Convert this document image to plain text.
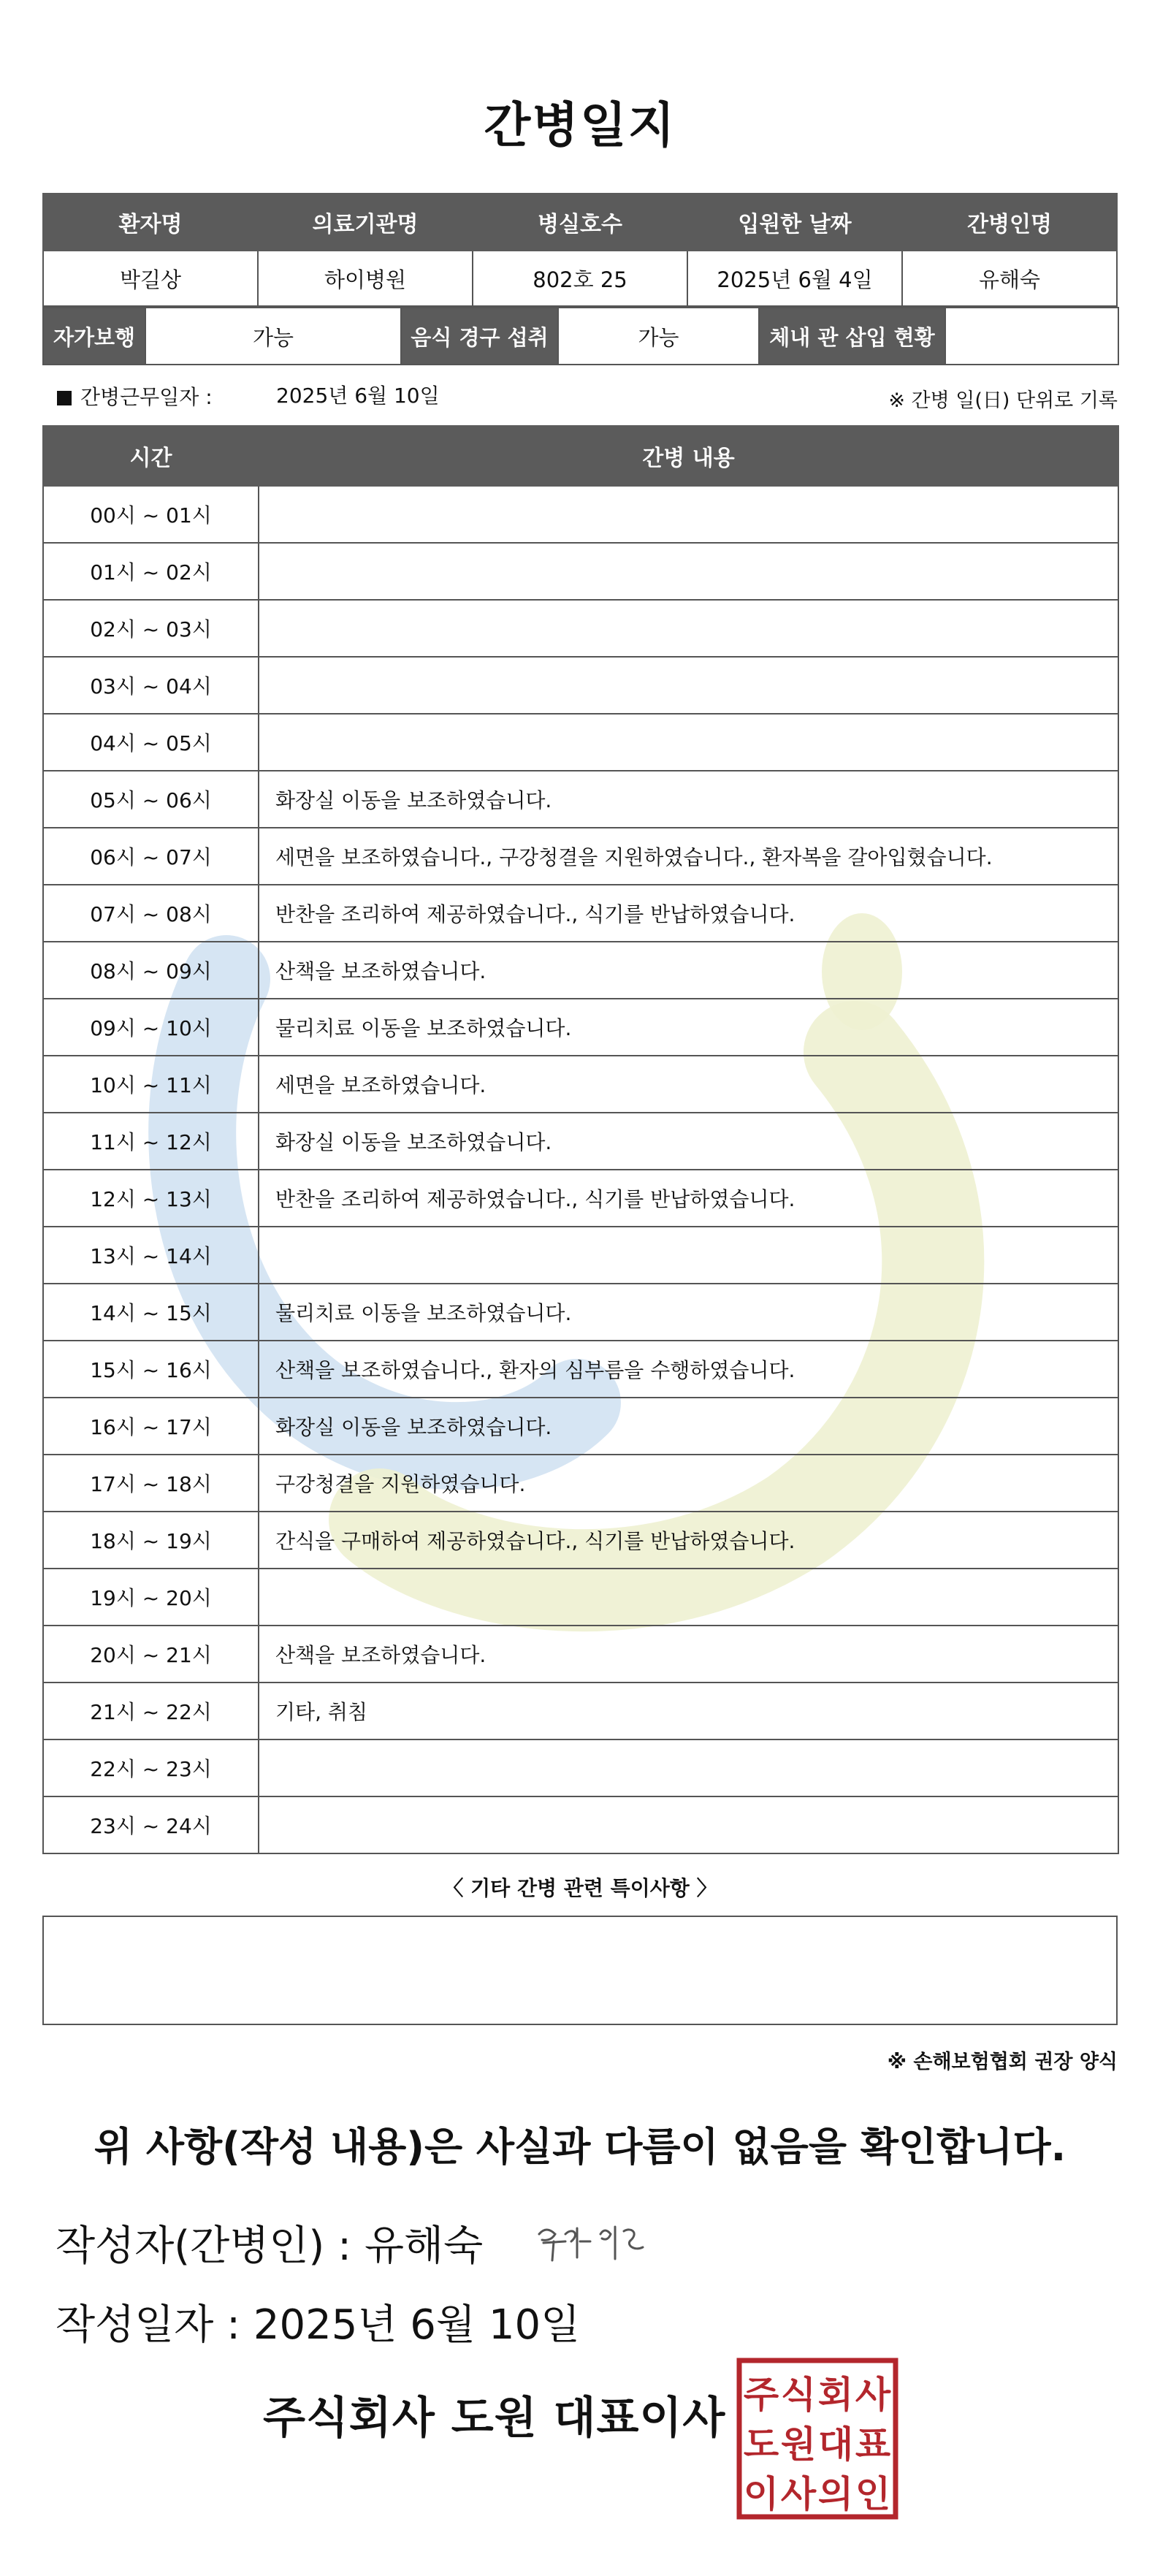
간병일지
환자명	의료기관명	병실호수	입원한 날짜	간병인명
박길상	하이병원	802호 25	2025년 6월 4일	유해숙
자가보행	가능	음식 경구 섭취	가능	체내 관 삽입 현황	
간병근무일자 :	2025년 6월 10일	※ 간병 일(日) 단위로 기록
시간	간병 내용
00시 ~ 01시	
01시 ~ 02시	
02시 ~ 03시	
03시 ~ 04시	
04시 ~ 05시	
05시 ~ 06시	화장실 이동을 보조하였습니다.
06시 ~ 07시	세면을 보조하였습니다., 구강청결을 지원하였습니다., 환자복을 갈아입혔습니다.
07시 ~ 08시	반찬을 조리하여 제공하였습니다., 식기를 반납하였습니다.
08시 ~ 09시	산책을 보조하였습니다.
09시 ~ 10시	물리치료 이동을 보조하였습니다.
10시 ~ 11시	세면을 보조하였습니다.
11시 ~ 12시	화장실 이동을 보조하였습니다.
12시 ~ 13시	반찬을 조리하여 제공하였습니다., 식기를 반납하였습니다.
13시 ~ 14시	
14시 ~ 15시	물리치료 이동을 보조하였습니다.
15시 ~ 16시	산책을 보조하였습니다., 환자의 심부름을 수행하였습니다.
16시 ~ 17시	화장실 이동을 보조하였습니다.
17시 ~ 18시	구강청결을 지원하였습니다.
18시 ~ 19시	간식을 구매하여 제공하였습니다., 식기를 반납하였습니다.
19시 ~ 20시	
20시 ~ 21시	산책을 보조하였습니다.
21시 ~ 22시	기타, 취침
22시 ~ 23시	
23시 ~ 24시	
〈 기타 간병 관련 특이사항 〉
※ 손해보험협회 권장 양식
위 사항(작성 내용)은 사실과 다름이 없음을 확인합니다.
작성자(간병인) : 유해숙
작성일자 : 2025년 6월 10일
주식회사 도원 대표이사 주 식 회 사
도 원 대 표
이 사 의 인
